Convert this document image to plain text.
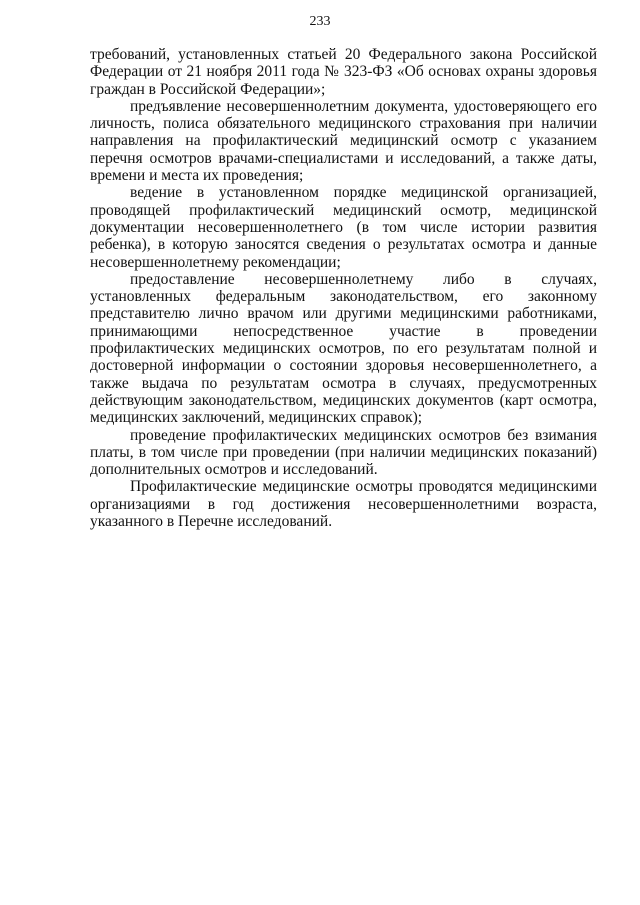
233

требований, установленных статьей 20 Федерального закона Российской Федерации от 21 ноября 2011 года № 323-ФЗ «Об основах охраны здоровья граждан в Российской Федерации»;

предъявление несовершеннолетним документа, удостоверяющего его личность, полиса обязательного медицинского страхования при наличии направления на профилактический медицинский осмотр с указанием перечня осмотров врачами-специалистами и исследований, а также даты, времени и места их проведения;

ведение в установленном порядке медицинской организацией, проводящей профилактический медицинский осмотр, медицинской документации несовершеннолетнего (в том числе истории развития ребенка), в которую заносятся сведения о результатах осмотра и данные несовершеннолетнему рекомендации;

предоставление несовершеннолетнему либо в случаях, установленных федеральным законодательством, его законному представителю лично врачом или другими медицинскими работниками, принимающими непосредственное участие в проведении профилактических медицинских осмотров, по его результатам полной и достоверной информации о состоянии здоровья несовершеннолетнего, а также выдача по результатам осмотра в случаях, предусмотренных действующим законодательством, медицинских документов (карт осмотра, медицинских заключений, медицинских справок);

проведение профилактических медицинских осмотров без взимания платы, в том числе при проведении (при наличии медицинских показаний) дополнительных осмотров и исследований.

Профилактические медицинские осмотры проводятся медицинскими организациями в год достижения несовершеннолетними возраста, указанного в Перечне исследований.
